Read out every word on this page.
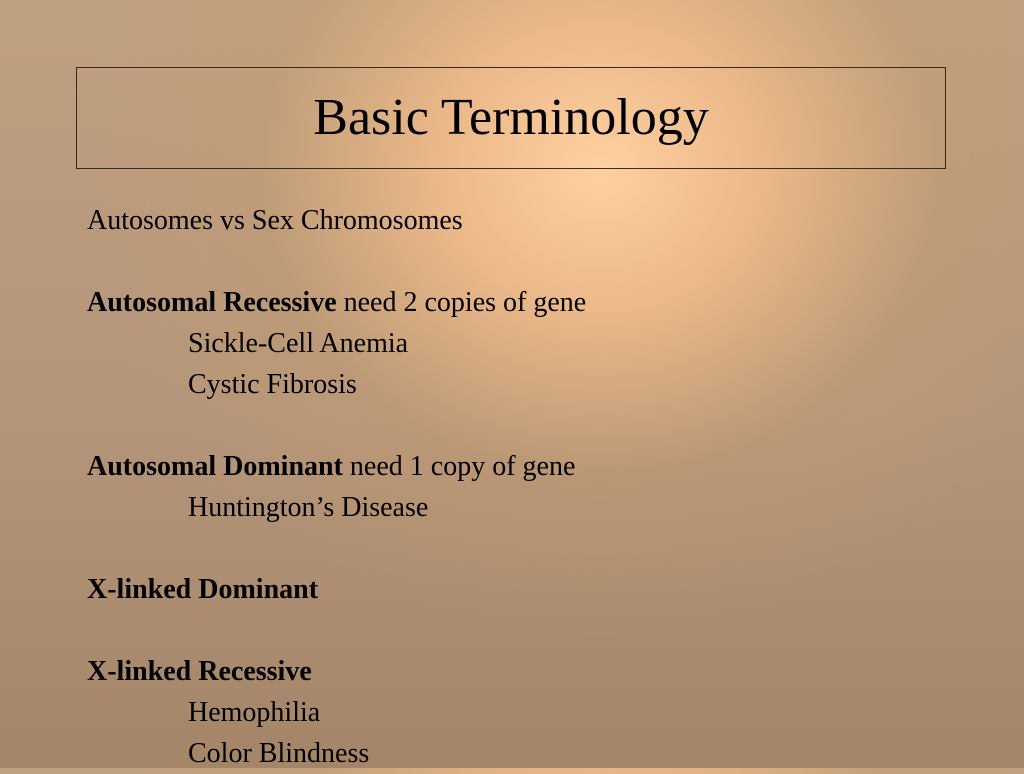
Basic Terminology
Autosomes vs Sex Chromosomes
Autosomal Recessive need 2 copies of gene
Sickle-Cell Anemia
Cystic Fibrosis
Autosomal Dominant need 1 copy of gene
Huntington’s Disease
X-linked Dominant
X-linked Recessive
Hemophilia
Color Blindness
